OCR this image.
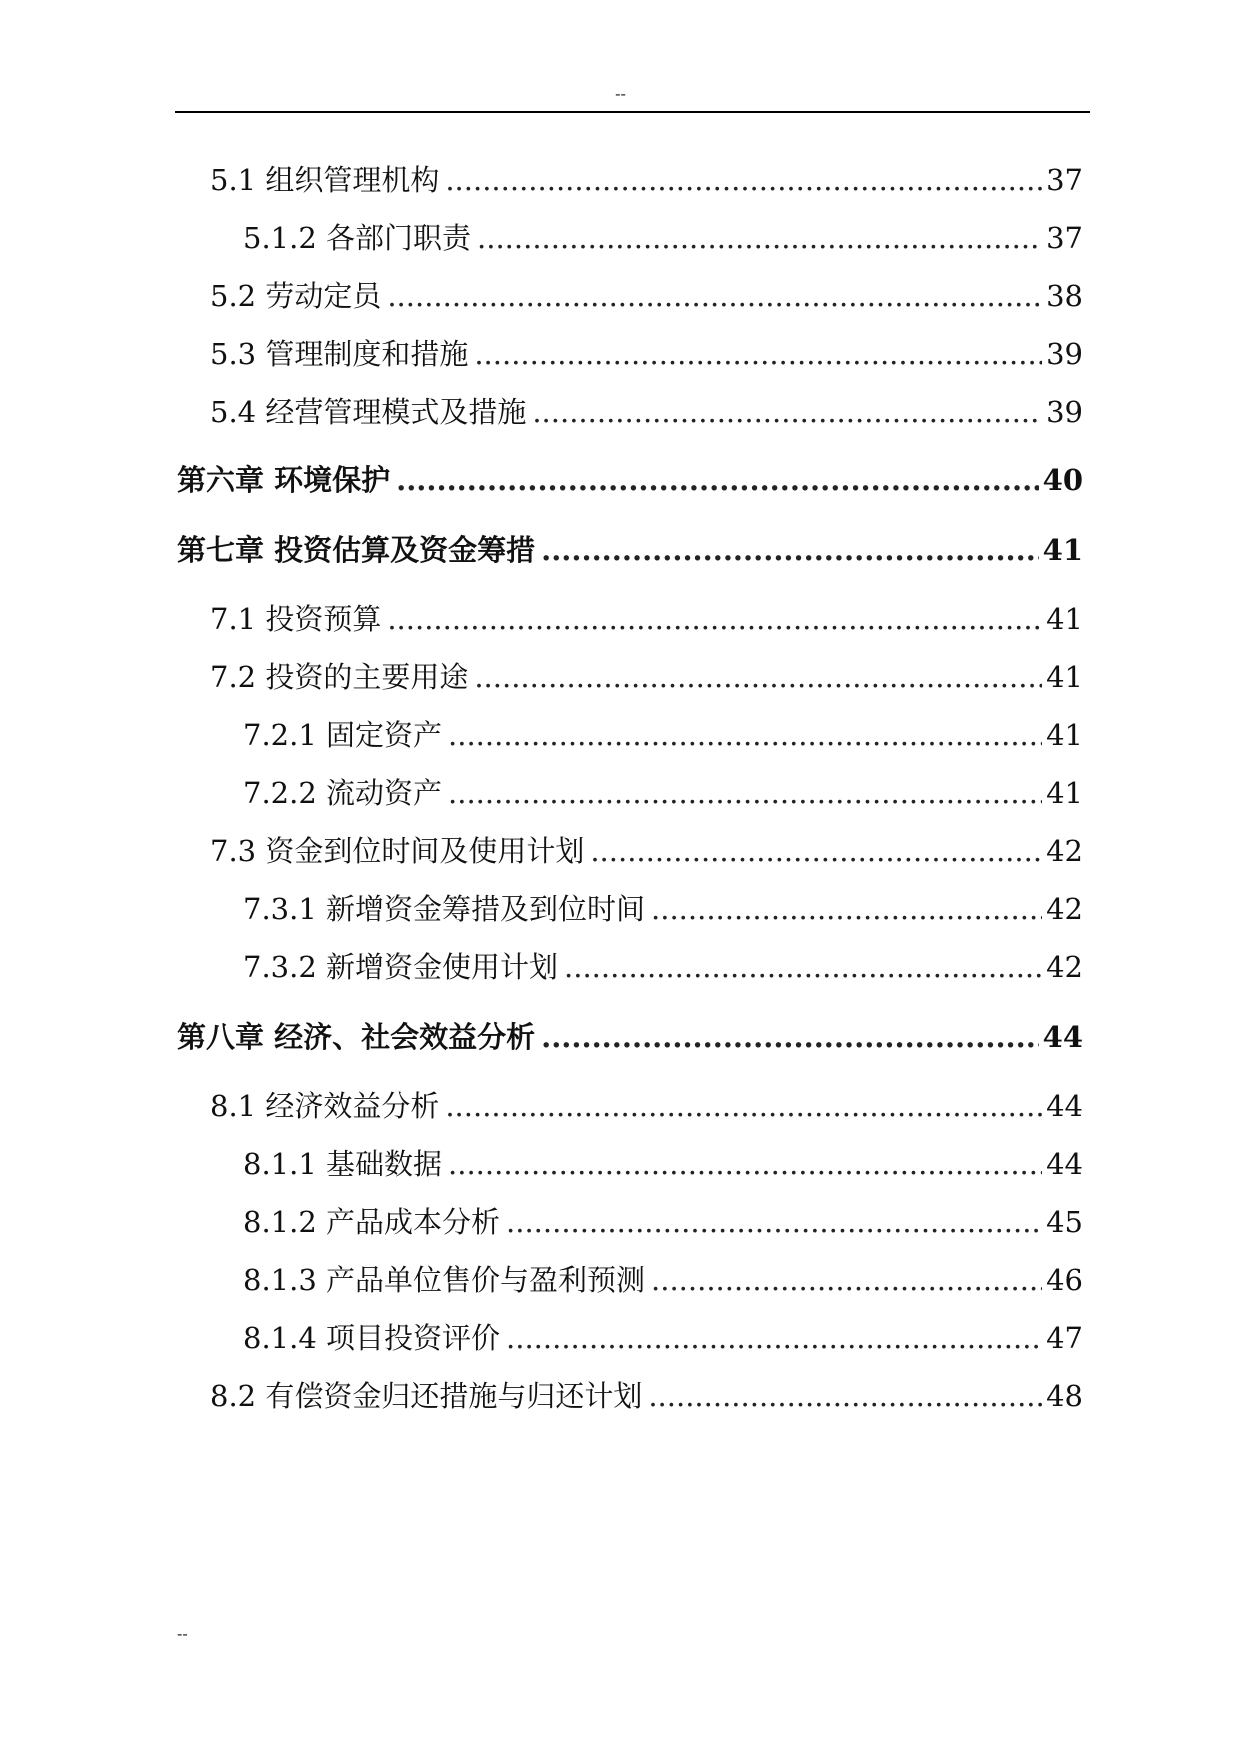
--
5.1 组织管理机构 .....	37
5.1.2 各部门职责 .....	37
5.2 劳动定员 .....	38
5.3 管理制度和措施 .....	39
5.4 经营管理模式及措施 .....	39
第六章 环境保护 .....	40
第七章 投资估算及资金筹措 .....	41
7.1 投资预算 .....	41
7.2 投资的主要用途 .....	41
7.2.1 固定资产 .....	41
7.2.2 流动资产 .....	41
7.3 资金到位时间及使用计划 .....	42
7.3.1 新增资金筹措及到位时间 .....	42
7.3.2 新增资金使用计划 .....	42
第八章 经济、社会效益分析 .....	44
8.1 经济效益分析 .....	44
8.1.1 基础数据 .....	44
8.1.2 产品成本分析 .....	45
8.1.3 产品单位售价与盈利预测 .....	46
8.1.4 项目投资评价 .....	47
8.2 有偿资金归还措施与归还计划 .....	48
--
